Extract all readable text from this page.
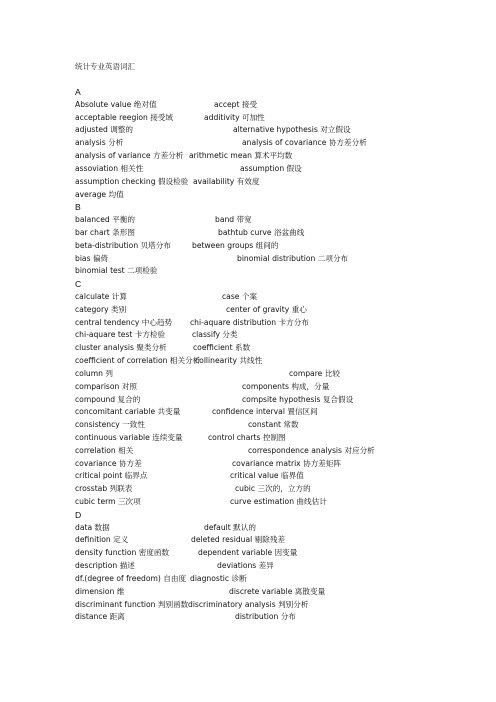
统计专业英语词汇
A
Absolute value 绝对值	accept 接受
acceptable reegion 接受域	additivity 可加性
adjusted 调整的	alternative hypothesis 对立假设
analysis 分析	analysis of covariance 协方差分析
analysis of variance 方差分析 arithmetic mean 算术平均数
assoviation 相关性	assumption 假设
assumption checking 假设检验 availability 有效度
average 均值
B
balanced 平衡的	band 带宽
bar chart 条形图	bathtub curve 浴盆曲线
beta-distribution 贝塔分布	between groups 组间的
bias 偏倚	binomial distribution 二项分布
binomial test 二项检验
C
calculate 计算	case 个案
category 类别	center of gravity 重心
central tendency 中心趋势 chi-aquare distribution 卡方分布
chi-aquare test 卡方检验	classify 分类
cluster analysis 聚类分析	coefficient 系数
coefficient of correlation 相关分析
collinearity 共线性
column 列	compare 比较
comparison 对照	components 构成，分量
compound 复合的	compsite hypothesis 复合假设
concomitant cariable 共变量	confidence interval 置信区间
consistency 一致性	constant 常数
continuous variable 连续变量	control charts 控制图
correlation 相关	correspondence analysis 对应分析
covariance 协方差	covariance matrix 协方差矩阵
critical point 临界点	critical value 临界值
crosstab 列联表	cubic 三次的，立方的
cubic term 三次项	curve estimation 曲线估计
D
data 数据	default 默认的
definition 定义	deleted residual 剔除残差
density function 密度函数	dependent variable 因变量
description 描述	deviations 差异
df.(degree of freedom) 自由度 diagnostic 诊断
dimension 维	discrete variable 离散变量
discriminant function 判别函数 discriminatory analysis 判别分析
distance 距离	distribution 分布
